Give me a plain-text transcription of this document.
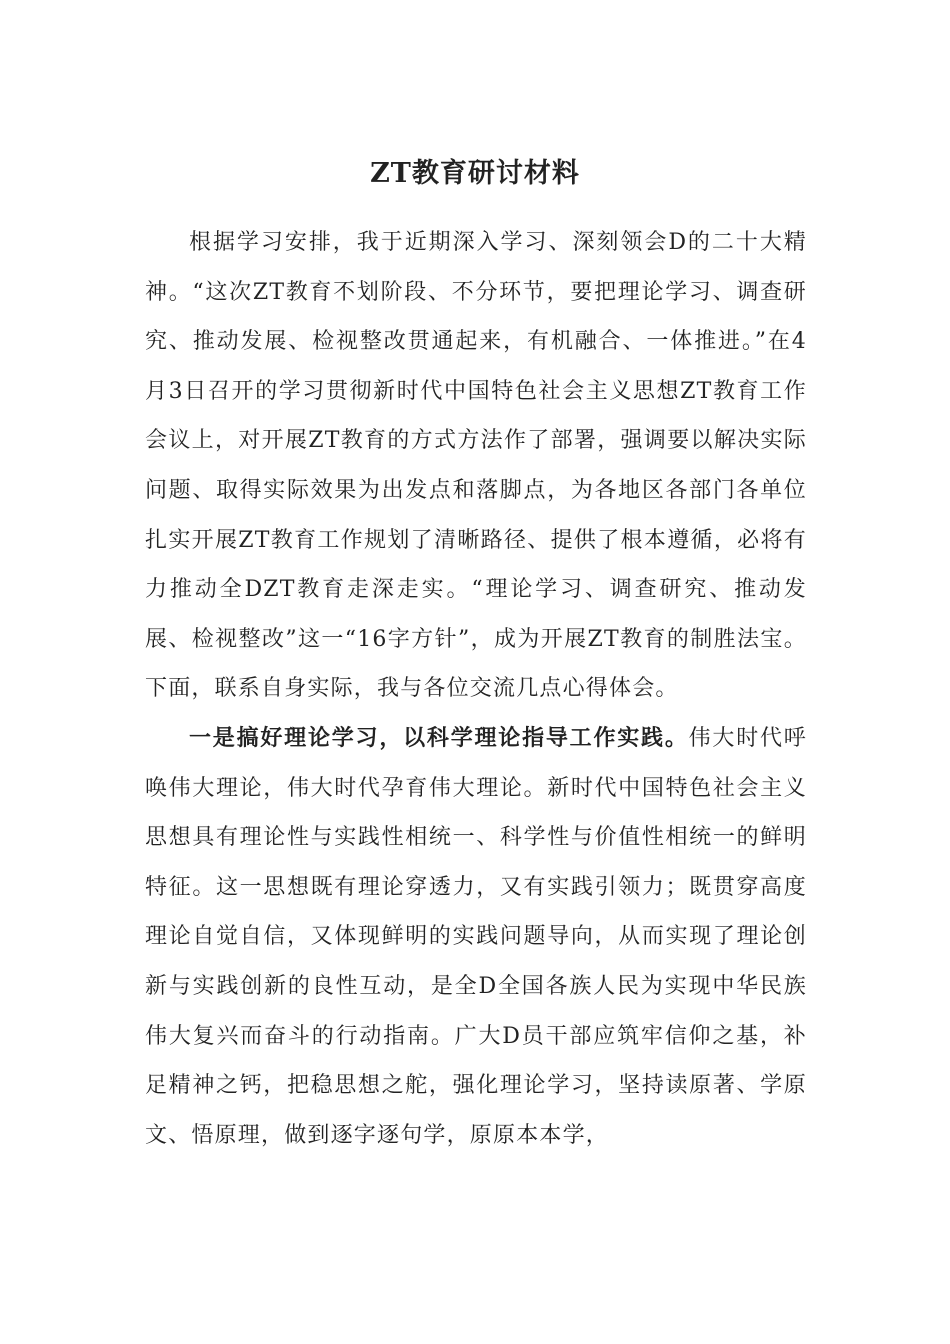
ZT教育研讨材料

根据学习安排，我于近期深入学习、深刻领会D的二十大精神。“这次ZT教育不划阶段、不分环节，要把理论学习、调查研究、推动发展、检视整改贯通起来，有机融合、一体推进。”在4月3日召开的学习贯彻新时代中国特色社会主义思想ZT教育工作会议上，对开展ZT教育的方式方法作了部署，强调要以解决实际问题、取得实际效果为出发点和落脚点，为各地区各部门各单位扎实开展ZT教育工作规划了清晰路径、提供了根本遵循，必将有力推动全DZT教育走深走实。“理论学习、调查研究、推动发展、检视整改”这一“16字方针”，成为开展ZT教育的制胜法宝。下面，联系自身实际，我与各位交流几点心得体会。

一是搞好理论学习，以科学理论指导工作实践。伟大时代呼唤伟大理论，伟大时代孕育伟大理论。新时代中国特色社会主义思想具有理论性与实践性相统一、科学性与价值性相统一的鲜明特征。这一思想既有理论穿透力，又有实践引领力；既贯穿高度理论自觉自信，又体现鲜明的实践问题导向，从而实现了理论创新与实践创新的良性互动，是全D全国各族人民为实现中华民族伟大复兴而奋斗的行动指南。广大D员干部应筑牢信仰之基，补足精神之钙，把稳思想之舵，强化理论学习，坚持读原著、学原文、悟原理，做到逐字逐句学，原原本本学，
